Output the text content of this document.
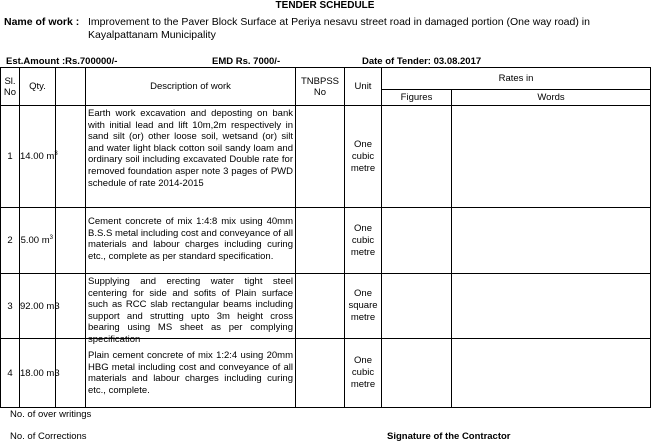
TENDER SCHEDULE
Name of work : Improvement to the Paver Block Surface at Periya nesavu street road in damaged portion (One way road) in Kayalpattanam Municipality
Est.Amount :Rs.700000/-	EMD Rs. 7000/-	Date of Tender: 03.08.2017
Sl. No	Qty.		Description of work	TNBPSS No	Unit	Rates in	
						Figures	Words
1	14.00 $m^3$		Earth work excavation and deposting on bank with initial lead and lift 10m,2m respectively in sand silt (or) other loose soil, wetsand (or) silt and water light black cotton soil sandy loam and ordinary soil including excavated Double rate for removed foundation asper note 3 pages of PWD schedule of rate 2014-2015		One cubic metre		
2	5.00 $m^3$		Cement concrete of mix 1:4:8 mix using 40mm B.S.S metal including cost and conveyance of all materials and labour charges including curing etc., complete as per standard specification.		One cubic metre		
3	92.00 m3		Supplying and erecting water tight steel centering for side and sofits of Plain surface such as RCC slab rectangular beams including support and strutting upto 3m height cross bearing using MS sheet as per complying specification		One square metre		
4	18.00 m3		Plain cement concrete of mix 1:2:4 using 20mm HBG metal including cost and conveyance of all materials and labour charges including curing etc., complete.		One cubic metre		
No. of over writings
No. of Corrections	Signature of the Contractor
